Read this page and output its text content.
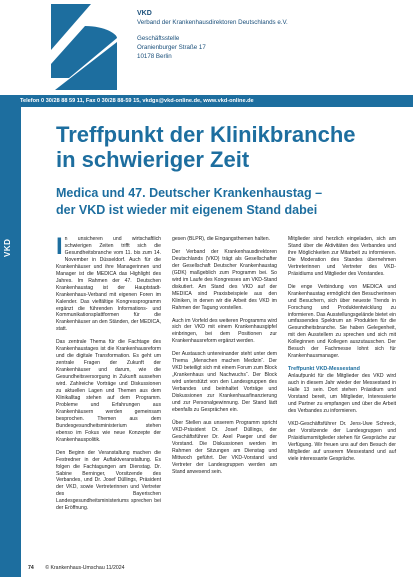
VKD
Verband der Krankenhausdirektoren Deutschlands e.V.
Geschäftsstelle
Oranienburger Straße 17
10178 Berlin
Telefon 0 30/28 88 59 11, Fax 0 30/28 88-59 15, vkdgs@vkd-online.de, www.vkd-online.de
VKD
Treffpunkt der Klinikbranche
in schwieriger Zeit
Medica und 47. Deutscher Krankenhaustag –
der VKD ist wieder mit eigenem Stand dabei

In unsicheren und wirtschaftlich schwierigen Zeiten trifft sich die Gesundheitsbranche vom 11. bis zum 14. November in Düsseldorf. Auch für die Krankenhäuser und ihre Managerinnen und Manager ist die MEDICA das Highlight des Jahres. Im Rahmen der 47. Deutschen Krankenhaustag ist der Hauptstadt-Krankenhaus-Verband mit eigenen Foren im Kalender. Das vielfältige Kongressprogramm ergänzt die führenden Informations- und Kommunikationsplattformen für die Krankenhäuser an den Ständen, der MEDICA, statt.

Das zentrale Thema für die Fachtage des Krankenhaustages ist die Krankenhausreform und die digitale Transformation. Es geht um zentrale Fragen der Zukunft der Krankenhäuser und darum, wie die Gesundheitsversorgung in Zukunft aussehen wird. Zahlreiche Vorträge und Diskussionen zu aktuellen Lagen und Themen aus dem Klinikalltag stehen auf dem Programm. Probleme und Erfahrungen aus Krankenhäusern werden gemeinsam besprochen. Themen aus dem Bundesgesundheitsministerium stehen ebenso im Fokus wie neue Konzepte der Krankenhauspolitik.

Den Beginn der Veranstaltung machen die Festredner in der Auftaktveranstaltung. Es folgen die Fachtagungen am Dienstag. Dr. Sabine Berninger, Vorsitzende des Verbandes, und Dr. Josef Düllings, Präsident der VKD, sowie Vertreterinnen und Vertreter des Bayerischen Landesgesundheitsministeriums sprechen bei der Eröffnung.

gesen (BLPR), die Eingangsthemen halten.

Der Verband der Krankenhausdirektoren Deutschlands (VKD) trägt als Gesellschafter der Gesellschaft Deutscher Krankenhaustag (GDK) maßgeblich zum Programm bei. So wird im Laufe des Kongresses am VKD-Stand diskutiert. Am Stand des VKD auf der MEDICA sind Praxisbeispiele aus den Kliniken, in denen wir die Arbeit des VKD im Rahmen der Tagung vorstellen.

Auch im Vorfeld des weiteren Programms wird sich der VKD mit einem Krankenhausgipfel einbringen, bei dem Positionen zur Krankenhausreform ergänzt werden.

Der Austausch untereinander steht unter dem Thema „Menschen machen Medizin“. Der VKD beteiligt sich mit einem Forum zum Block „Krankenhaus und Nachwuchs“. Der Block wird unterstützt von den Landesgruppen des Verbandes und beinhaltet Vorträge und Diskussionen zur Krankenhausfinanzierung und zur Personalgewinnung. Der Stand lädt ebenfalls zu Gesprächen ein.

Über Stellen aus unserem Programm spricht VKD-Präsident Dr. Josef Düllings, der Geschäftsführer Dr. Axel Paeger und der Vorstand. Die Diskussionen werden im Rahmen der Sitzungen am Dienstag und Mittwoch geführt. Der VKD-Vorstand und Vertreter der Landesgruppen werden am Stand anwesend sein.

Mitglieder sind herzlich eingeladen, sich am Stand über die Aktivitäten des Verbandes und ihre Möglichkeiten zur Mitarbeit zu informieren. Die Moderation des Standes übernehmen Vertreterinnen und Vertreter des VKD-Präsidiums und Mitglieder des Vorstandes.

Die enge Verbindung von MEDICA und Krankenhaustag ermöglicht den Besucherinnen und Besuchern, sich über neueste Trends in Forschung und Produktentwicklung zu informieren. Das Ausstellungsgelände bietet ein umfassendes Spektrum an Produkten für die Gesundheitsbranche. Sie haben Gelegenheit, mit den Ausstellern zu sprechen und sich mit Kolleginnen und Kollegen auszutauschen. Der Besuch der Fachmesse lohnt sich für Krankenhausmanager.

Treffpunkt VKD-Messestand

Anlaufpunkt für die Mitglieder des VKD wird auch in diesem Jahr wieder der Messestand in Halle 13 sein. Dort stehen Präsidium und Vorstand bereit, um Mitglieder, Interessierte und Partner zu empfangen und über die Arbeit des Verbandes zu informieren.

VKD-Geschäftsführer Dr. Jens-Uwe Schreck, der Vorsitzende der Landesgruppen und Präsidiumsmitglieder stehen für Gespräche zur Verfügung. Wir freuen uns auf den Besuch der Mitglieder auf unserem Messestand und auf viele interessante Gespräche.

74 © Krankenhaus-Umschau 11/2024
